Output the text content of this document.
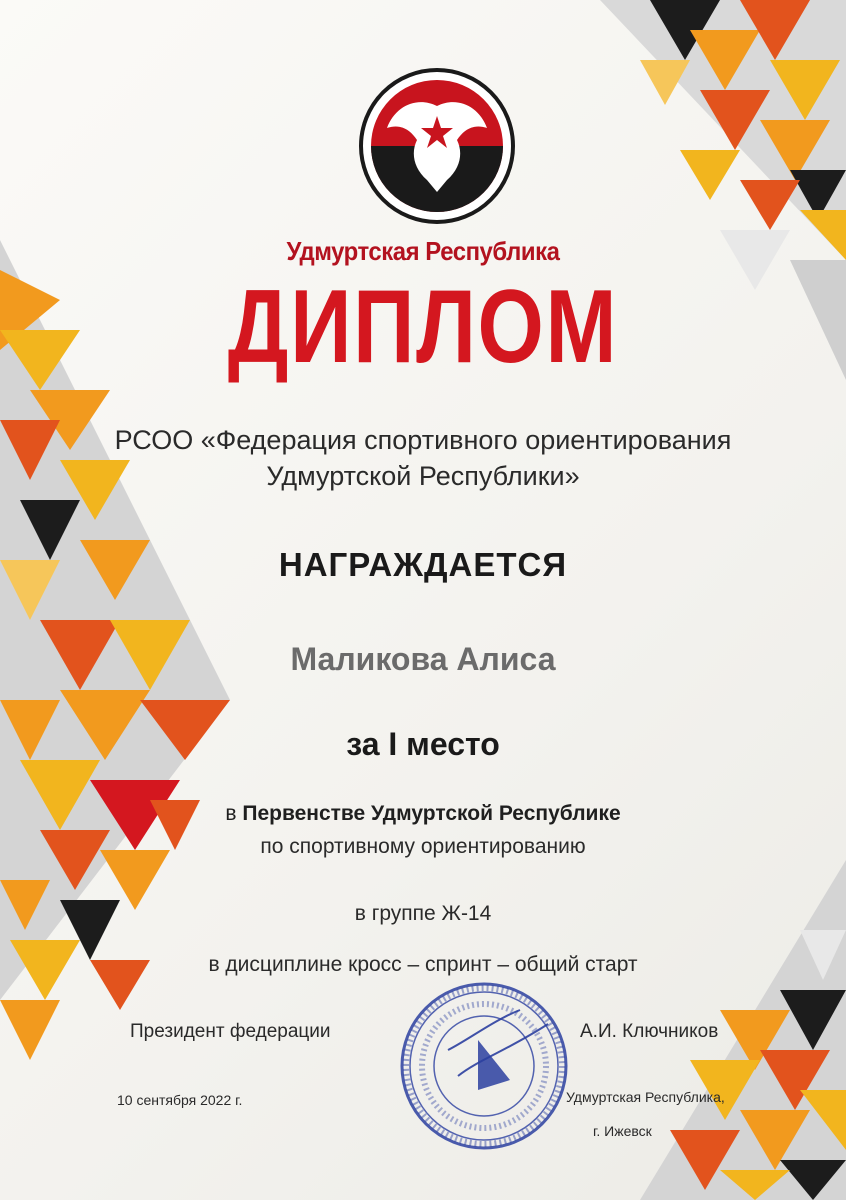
Удмуртская Республика
ДИПЛОМ
РСОО «Федерация спортивного ориентирования
Удмуртской Республики»
НАГРАЖДАЕТСЯ
Маликова Алиса
за I место
в Первенстве Удмуртской Республике
по спортивному ориентированию
в группе Ж-14
в дисциплине кросс – спринт – общий старт
Президент федерации	А.И. Ключников
10 сентября 2022 г.	Удмуртская Республика,
г. Ижевск
